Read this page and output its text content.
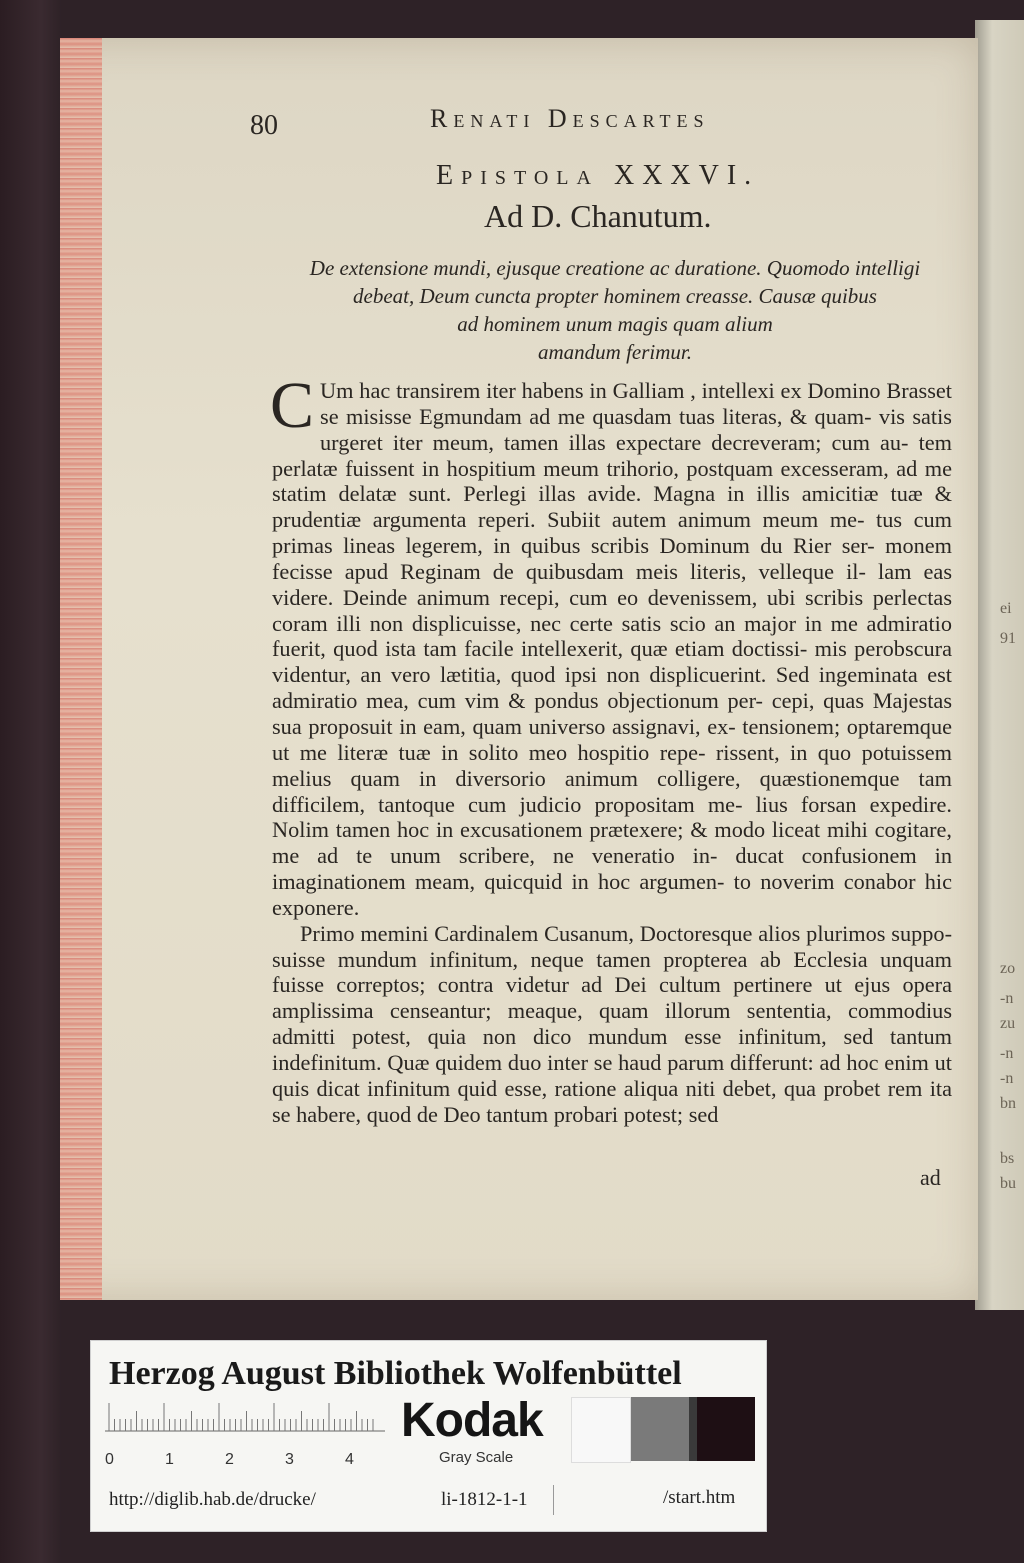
ei
91
zo
-n
zu
-n
-n
bn
bs
bu

80	Renati Descartes

Epistola XXXVI.

Ad D. Chanutum.

De extensione mundi, ejusque creatione ac duratione. Quomodo intelligi
debeat, Deum cuncta propter hominem creasse. Causæ quibus
ad hominem unum magis quam alium
amandum ferimur.

C Um hac transirem iter habens in Galliam , intellexi ex Domino Brasset se misisse Egmundam ad me quasdam tuas literas, & quam- vis satis urgeret iter meum, tamen illas expectare decreveram; cum au- tem perlatæ fuissent in hospitium meum trihorio, postquam excesseram, ad me statim delatæ sunt. Perlegi illas avide. Magna in illis amicitiæ tuæ & prudentiæ argumenta reperi. Subiit autem animum meum me- tus cum primas lineas legerem, in quibus scribis Dominum du Rier ser- monem fecisse apud Reginam de quibusdam meis literis, velleque il- lam eas videre. Deinde animum recepi, cum eo devenissem, ubi scribis perlectas coram illi non displicuisse, nec certe satis scio an major in me admiratio fuerit, quod ista tam facile intellexerit, quæ etiam doctissi- mis perobscura videntur, an vero lætitia, quod ipsi non displicuerint. Sed ingeminata est admiratio mea, cum vim & pondus objectionum per- cepi, quas Majestas sua proposuit in eam, quam universo assignavi, ex- tensionem; optaremque ut me literæ tuæ in solito meo hospitio repe- rissent, in quo potuissem melius quam in diversorio animum colligere, quæstionemque tam difficilem, tantoque cum judicio propositam me- lius forsan expedire. Nolim tamen hoc in excusationem prætexere; & modo liceat mihi cogitare, me ad te unum scribere, ne veneratio in- ducat confusionem in imaginationem meam, quicquid in hoc argumen- to noverim conabor hic exponere.

Primo memini Cardinalem Cusanum, Doctoresque alios plurimos supposuisse mundum infinitum, neque tamen propterea ab Ecclesia unquam fuisse correptos; contra videtur ad Dei cultum pertinere ut ejus opera amplissima censeantur; meaque, quam illorum sententia, commodius admitti potest, quia non dico mundum esse infinitum, sed tantum indefinitum. Quæ quidem duo inter se haud parum differunt: ad hoc enim ut quis dicat infinitum quid esse, ratione aliqua niti debet, qua probet rem ita se habere, quod de Deo tantum probari potest; sed

ad

Herzog August Bibliothek Wolfenbüttel

0	1	2	3	4

Kodak

Gray Scale

http://diglib.hab.de/drucke/	li-1812-1-1	/start.htm
